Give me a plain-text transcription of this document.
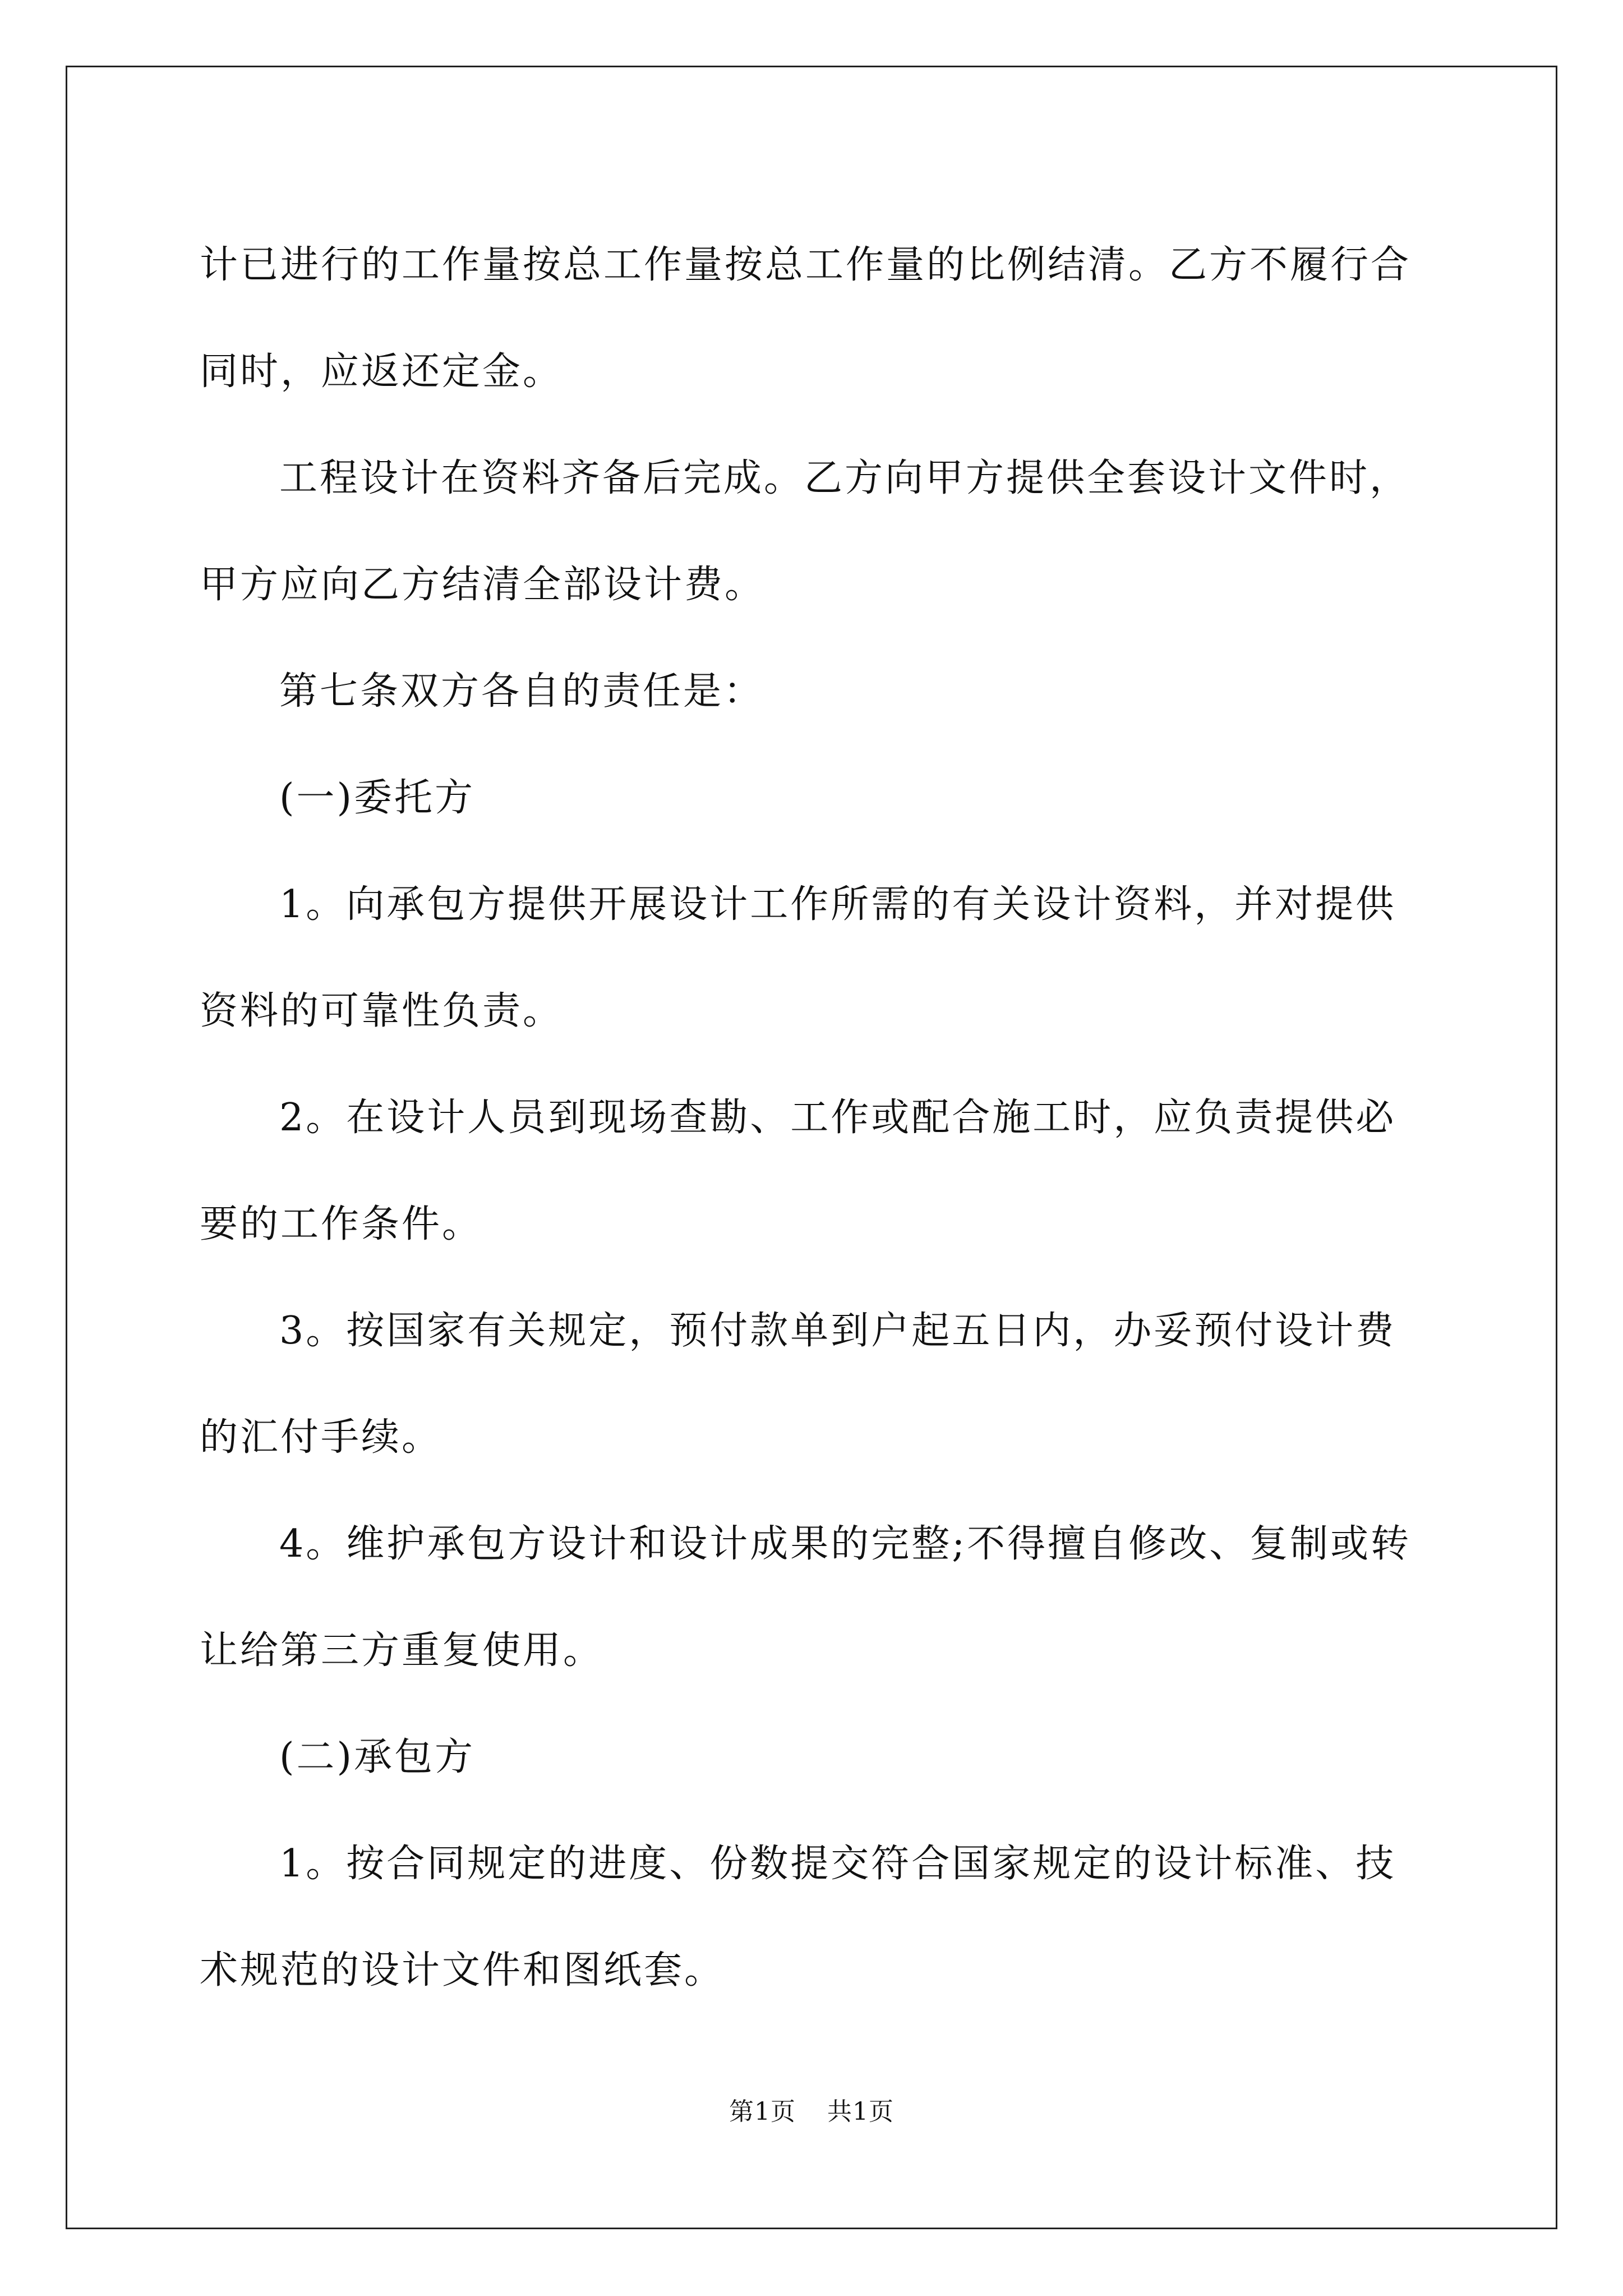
计已进行的工作量按总工作量按总工作量的比例结清。乙方不履行合同时，应返还定金。

工程设计在资料齐备后完成。乙方向甲方提供全套设计文件时，甲方应向乙方结清全部设计费。

第七条双方各自的责任是：

(一)委托方

1。向承包方提供开展设计工作所需的有关设计资料，并对提供资料的可靠性负责。

2。在设计人员到现场查勘、工作或配合施工时，应负责提供必要的工作条件。

3。按国家有关规定，预付款单到户起五日内，办妥预付设计费的汇付手续。

4。维护承包方设计和设计成果的完整;不得擅自修改、复制或转让给第三方重复使用。

(二)承包方

1。按合同规定的进度、份数提交符合国家规定的设计标准、技术规范的设计文件和图纸套。

第1页 共1页
